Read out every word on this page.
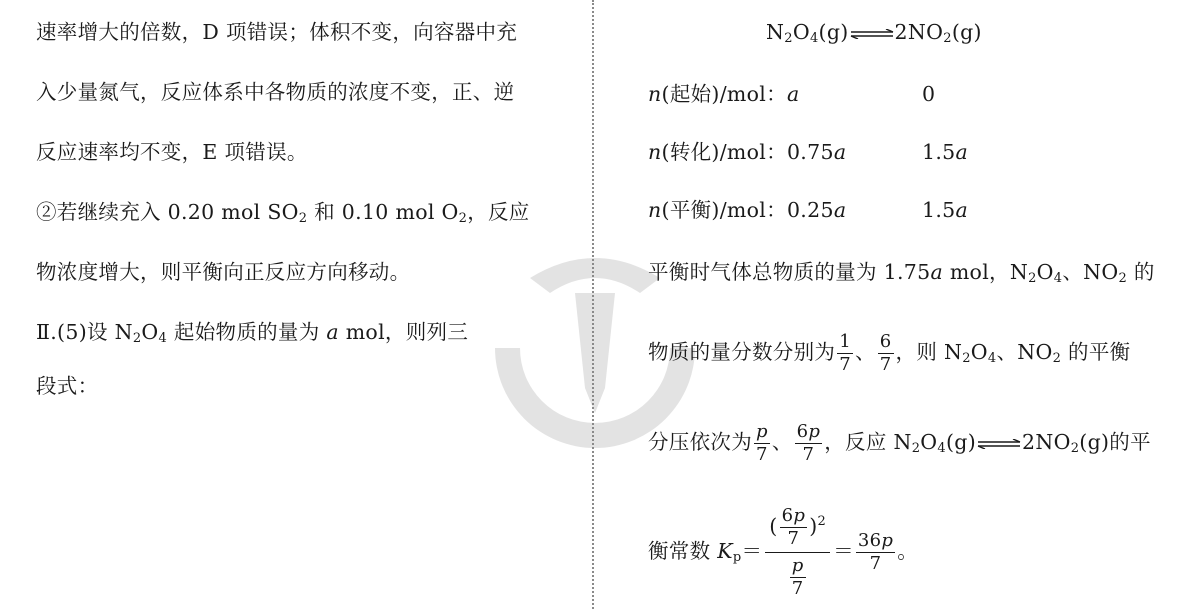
速率增大的倍数，D 项错误；体积不变，向容器中充
入少量氮气，反应体系中各物质的浓度不变，正、逆
反应速率均不变，E 项错误。
②若继续充入 0.20 mol $SO_2$ 和 0.10 mol $O_2$，反应
物浓度增大，则平衡向正反应方向移动。
Ⅱ.(5)设 $N_2O_4$ 起始物质的量为 a mol，则列三
段式：
$N_2O_4(g)\rightleftharpoons 2NO_2(g)$
n(起始)/mol：a	0
n(转化)/mol：0.75a	1.5a
n(平衡)/mol：0.25a	1.5a
平衡时气体总物质的量为 1.75a mol，$N_2O_4$、$NO_2$ 的
物质的量分数分别为 $\frac{1}{7}$ 、 $\frac{6}{7}$ ，则 $N_2O_4$、$NO_2$ 的平衡
分压依次为 $\frac{p}{7}$ 、 $\frac{6p}{7}$ ，反应 $N_2O_4(g)\rightleftharpoons 2NO_2(g)$的平
衡常数 $K_p= \frac{( \frac{6p}{7} )^2}{\frac{p}{7}} = \frac{36p}{7}$ 。
